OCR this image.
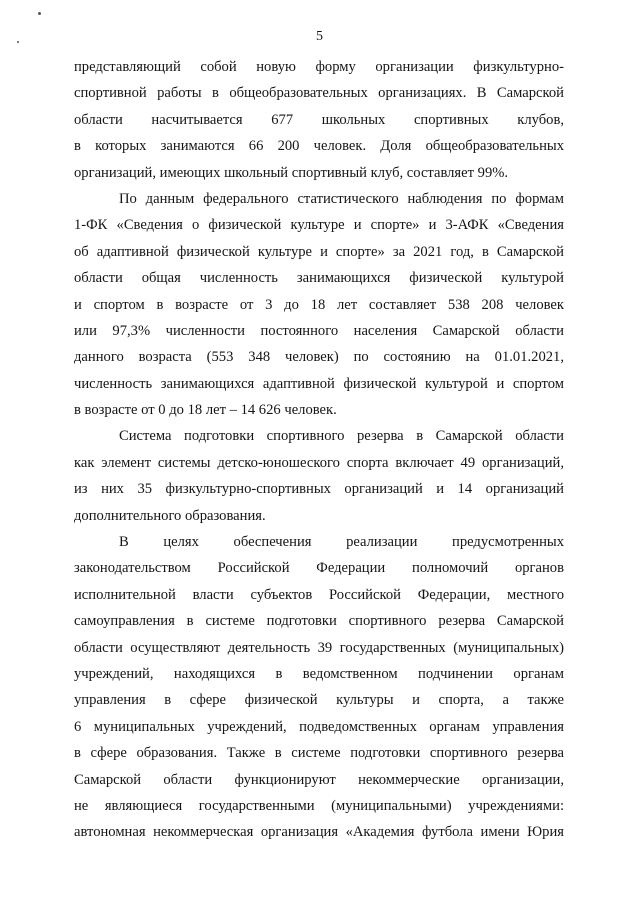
5
представляющий собой новую форму организации физкультурно-
спортивной работы в общеобразовательных организациях. В Самарской
области насчитывается 677 школьных спортивных клубов,
в которых занимаются 66 200 человек. Доля общеобразовательных
организаций, имеющих школьный спортивный клуб, составляет 99%.
По данным федерального статистического наблюдения по формам
1-ФК «Сведения о физической культуре и спорте» и 3-АФК «Сведения
об адаптивной физической культуре и спорте» за 2021 год, в Самарской
области общая численность занимающихся физической культурой
и спортом в возрасте от 3 до 18 лет составляет 538 208 человек
или 97,3% численности постоянного населения Самарской области
данного возраста (553 348 человек) по состоянию на 01.01.2021,
численность занимающихся адаптивной физической культурой и спортом
в возрасте от 0 до 18 лет – 14 626 человек.
Система подготовки спортивного резерва в Самарской области
как элемент системы детско-юношеского спорта включает 49 организаций,
из них 35 физкультурно-спортивных организаций и 14 организаций
дополнительного образования.
В целях обеспечения реализации предусмотренных
законодательством Российской Федерации полномочий органов
исполнительной власти субъектов Российской Федерации, местного
самоуправления в системе подготовки спортивного резерва Самарской
области осуществляют деятельность 39 государственных (муниципальных)
учреждений, находящихся в ведомственном подчинении органам
управления в сфере физической культуры и спорта, а также
6 муниципальных учреждений, подведомственных органам управления
в сфере образования. Также в системе подготовки спортивного резерва
Самарской области функционируют некоммерческие организации,
не являющиеся государственными (муниципальными) учреждениями:
автономная некоммерческая организация «Академия футбола имени Юрия
